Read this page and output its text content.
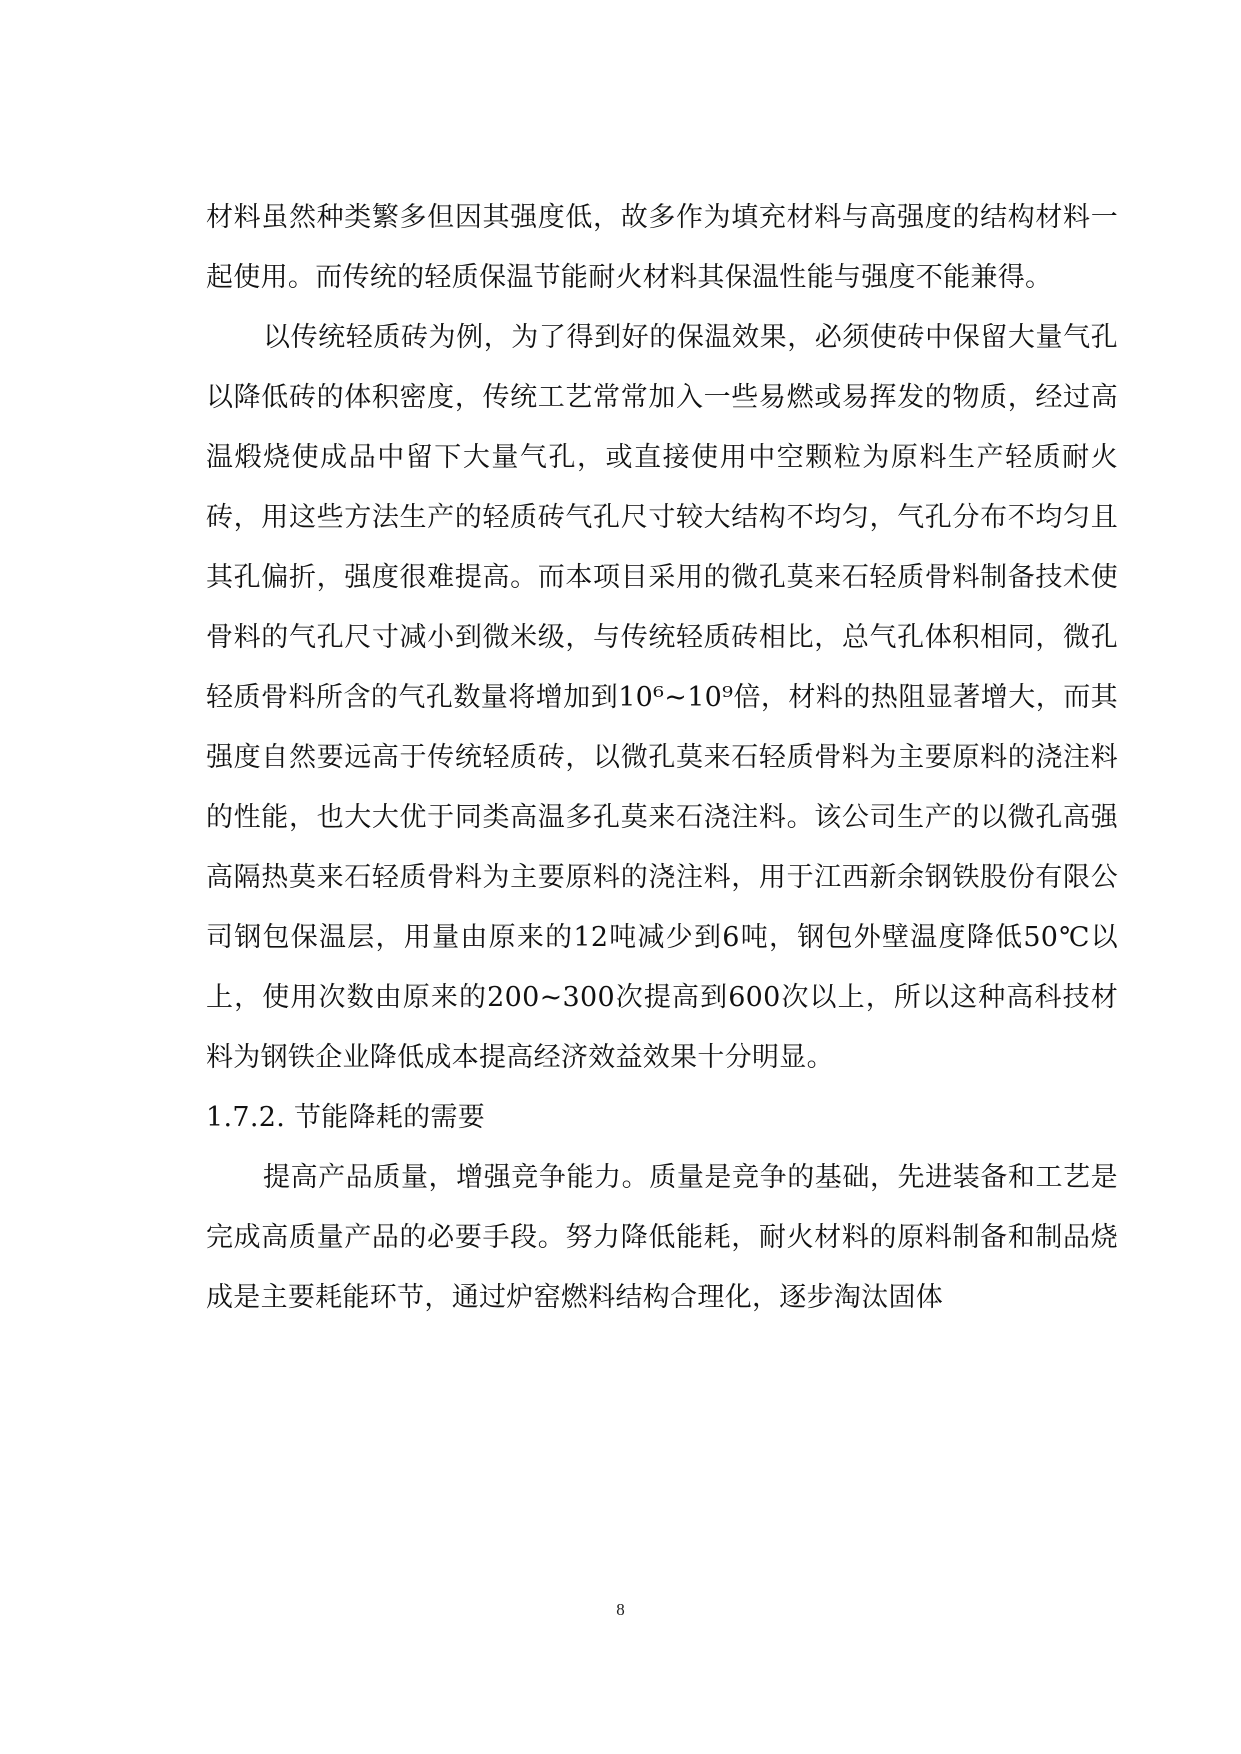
材料虽然种类繁多但因其强度低，故多作为填充材料与高强度的结构材料一起使用。而传统的轻质保温节能耐火材料其保温性能与强度不能兼得。

以传统轻质砖为例，为了得到好的保温效果，必须使砖中保留大量气孔以降低砖的体积密度，传统工艺常常加入一些易燃或易挥发的物质，经过高温煅烧使成品中留下大量气孔，或直接使用中空颗粒为原料生产轻质耐火砖，用这些方法生产的轻质砖气孔尺寸较大结构不均匀，气孔分布不均匀且其孔偏折，强度很难提高。而本项目采用的微孔莫来石轻质骨料制备技术使骨料的气孔尺寸减小到微米级，与传统轻质砖相比，总气孔体积相同，微孔轻质骨料所含的气孔数量将增加到10⁶~10⁹倍，材料的热阻显著增大，而其强度自然要远高于传统轻质砖，以微孔莫来石轻质骨料为主要原料的浇注料的性能，也大大优于同类高温多孔莫来石浇注料。该公司生产的以微孔高强高隔热莫来石轻质骨料为主要原料的浇注料，用于江西新余钢铁股份有限公司钢包保温层，用量由原来的12吨减少到6吨，钢包外壁温度降低50℃以上，使用次数由原来的200~300次提高到600次以上，所以这种高科技材料为钢铁企业降低成本提高经济效益效果十分明显。

1.7.2. 节能降耗的需要

提高产品质量，增强竞争能力。质量是竞争的基础，先进装备和工艺是完成高质量产品的必要手段。努力降低能耗，耐火材料的原料制备和制品烧成是主要耗能环节，通过炉窑燃料结构合理化，逐步淘汰固体

8
